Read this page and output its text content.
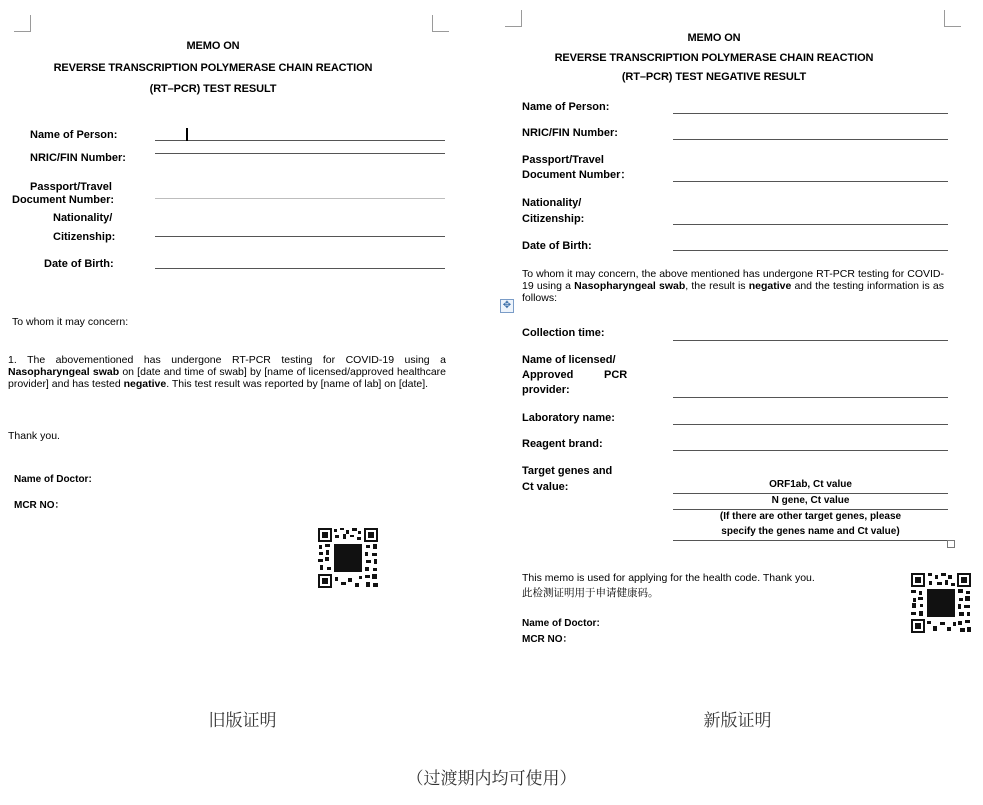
MEMO ON
REVERSE TRANSCRIPTION POLYMERASE CHAIN REACTION
(RT–PCR) TEST RESULT
Name of Person:
NRIC/FIN Number:
Passport/Travel
Document Number:
Nationality/
Citizenship:
Date of Birth:
To whom it may concern:
1. The abovementioned has undergone RT-PCR testing for COVID-19 using a Nasopharyngeal swab on [date and time of swab] by [name of licensed/approved healthcare provider] and has tested negative. This test result was reported by [name of lab] on [date].
Thank you.
Name of Doctor:
MCR NO：
MEMO ON
REVERSE TRANSCRIPTION POLYMERASE CHAIN REACTION
(RT–PCR) TEST NEGATIVE RESULT
Name of Person:
NRIC/FIN Number:
Passport/Travel
Document Number：
Nationality/
Citizenship:
Date of Birth:
✥
To whom it may concern, the above mentioned has undergone RT-PCR testing for COVID-19 using a Nasopharyngeal swab, the result is negative and the testing information is as follows:
Collection time:
Name of licensed/
Approved	PCR
provider:
Laboratory name:
Reagent brand:
Target genes and
Ct value:	ORF1ab, Ct value
N gene, Ct value
(If there are other target genes, please
specify the genes name and Ct value)
This memo is used for applying for the health code. Thank you.
此检测证明用于申请健康码。
Name of Doctor:
MCR NO：
旧版证明	新版证明
（过渡期内均可使用）
